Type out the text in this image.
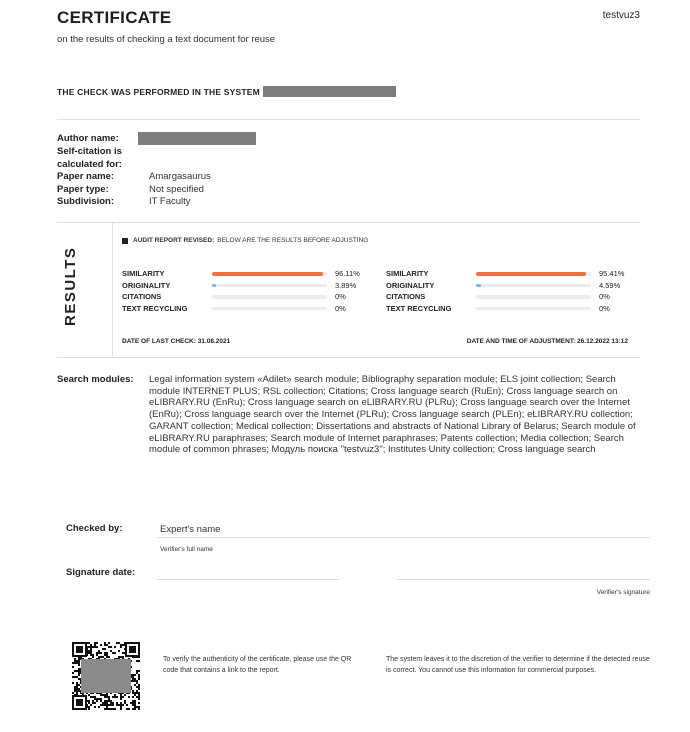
CERTIFICATE	testvuz3
on the results of checking a text document for reuse
THE CHECK WAS PERFORMED IN THE SYSTEM
Author name:
Self-citation is calculated for:
Paper name:	Amargasaurus
Paper type:	Not specified
Subdivision:	IT Faculty
RESULTS
AUDIT REPORT REVISED: BELOW ARE THE RESULTS BEFORE ADJUSTING
SIMILARITY	96.11%
ORIGINALITY	3.89%
CITATIONS	0%
TEXT RECYCLING	0%
SIMILARITY	95.41%
ORIGINALITY	4.59%
CITATIONS	0%
TEXT RECYCLING	0%
DATE OF LAST CHECK: 31.08.2021	DATE AND TIME OF ADJUSTMENT: 26.12.2022 13:12
Search modules: Legal information system «Adilet» search module; Bibliography separation module; ELS joint collection; Search module INTERNET PLUS; RSL collection; Citations; Cross language search (RuEn); Cross language search on eLIBRARY.RU (EnRu); Cross language search on eLIBRARY.RU (PLRu); Cross language search over the Internet (EnRu); Cross language search over the Internet (PLRu); Cross language search (PLEn); eLIBRARY.RU collection; GARANT collection; Medical collection; Dissertations and abstracts of National Library of Belarus; Search module of eLIBRARY.RU paraphrases; Search module of Internet paraphrases; Patents collection; Media collection; Search module of common phrases; Модуль поиска "testvuz3"; Institutes Unity collection; Cross language search
Checked by:	Expert's name
Verifier's full name
Signature date:
Verifier's signature
To verify the authenticity of the certificate, please use the QR code that contains a link to the report.
The system leaves it to the discretion of the verifier to determine if the detected reuse is correct. You cannot use this information for commercial purposes.
